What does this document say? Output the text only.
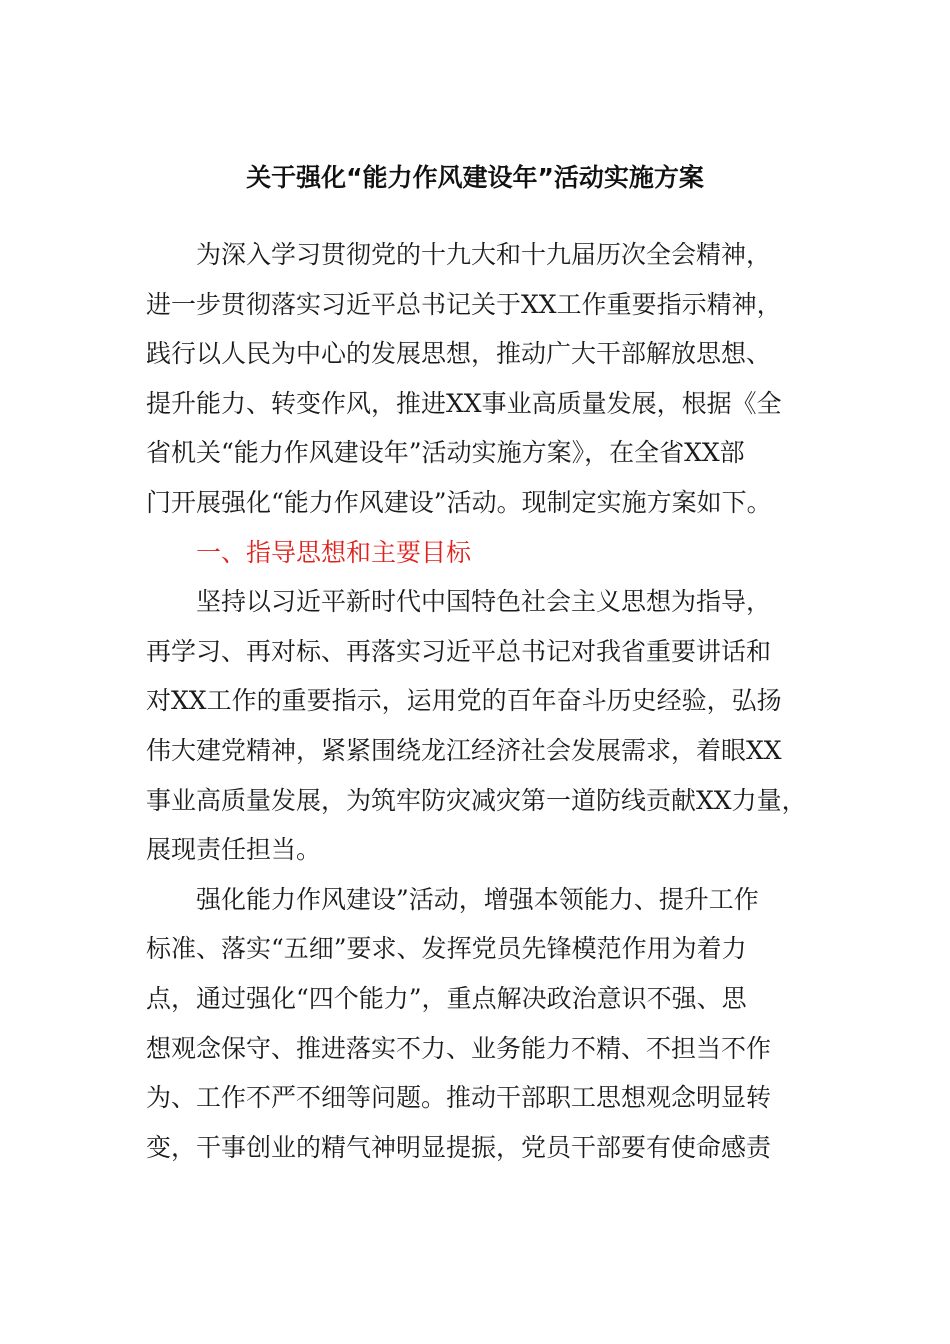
关于强化“能力作风建设年”活动实施方案
为深入学习贯彻党的十九大和十九届历次全会精神，
进一步贯彻落实习近平总书记关于XX工作重要指示精神，
践行以人民为中心的发展思想，推动广大干部解放思想、
提升能力、转变作风，推进XX事业高质量发展，根据《全
省机关“能力作风建设年”活动实施方案》，在全省XX部
门开展强化“能力作风建设”活动。现制定实施方案如下。
一、指导思想和主要目标
坚持以习近平新时代中国特色社会主义思想为指导，
再学习、再对标、再落实习近平总书记对我省重要讲话和
对XX工作的重要指示，运用党的百年奋斗历史经验，弘扬
伟大建党精神，紧紧围绕龙江经济社会发展需求，着眼XX
事业高质量发展，为筑牢防灾减灾第一道防线贡献XX力量，
展现责任担当。
强化能力作风建设”活动，增强本领能力、提升工作
标准、落实“五细”要求、发挥党员先锋模范作用为着力
点，通过强化“四个能力”，重点解决政治意识不强、思
想观念保守、推进落实不力、业务能力不精、不担当不作
为、工作不严不细等问题。推动干部职工思想观念明显转
变，干事创业的精气神明显提振，党员干部要有使命感责
